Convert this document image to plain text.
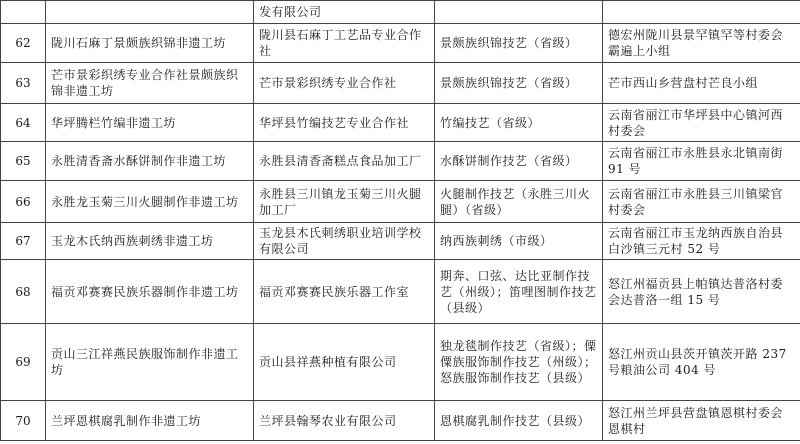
		发有限公司		
62	陇川石麻丁景颇族织锦非遗工坊	陇川县石麻丁工艺品专业合作社	景颇族织锦技艺（省级）	德宏州陇川县景罕镇罕等村委会霸遍上小组
63	芒市景彩织绣专业合作社景颇族织锦非遗工坊	芒市景彩织绣专业合作社	景颇族织锦技艺（省级）	芒市西山乡营盘村芒良小组
64	华坪腾栏竹编非遗工坊	华坪县竹编技艺专业合作社	竹编技艺（省级）	云南省丽江市华坪县中心镇河西村委会
65	永胜清香斋水酥饼制作非遗工坊	永胜县清香斋糕点食品加工厂	水酥饼制作技艺（省级）	云南省丽江市永胜县永北镇南街 91 号
66	永胜龙玉菊三川火腿制作非遗工坊	永胜县三川镇龙玉菊三川火腿加工厂	火腿制作技艺（永胜三川火腿）（省级）	云南省丽江市永胜县三川镇梁官村委会
67	玉龙木氏纳西族刺绣非遗工坊	玉龙县木氏刺绣职业培训学校有限公司	纳西族刺绣（市级）	云南省丽江市玉龙纳西族自治县白沙镇三元村 52 号
68	福贡邓赛赛民族乐器制作非遗工坊	福贡邓赛赛民族乐器工作室	期奔、口弦、达比亚制作技艺（州级）；笛哩图制作技艺（县级）	怒江州福贡县上帕镇达普洛村委会达普洛一组 15 号
69	贡山三江祥燕民族服饰制作非遗工坊	贡山县祥燕种植有限公司	独龙毯制作技艺（省级）；傈僳族服饰制作技艺（州级）；怒族服饰制作技艺（县级）	怒江州贡山县茨开镇茨开路 237 号粮油公司 404 号
70	兰坪恩棋腐乳制作非遗工坊	兰坪县翰琴农业有限公司	恩棋腐乳制作技艺（县级）	怒江州兰坪县营盘镇恩棋村委会恩棋村
